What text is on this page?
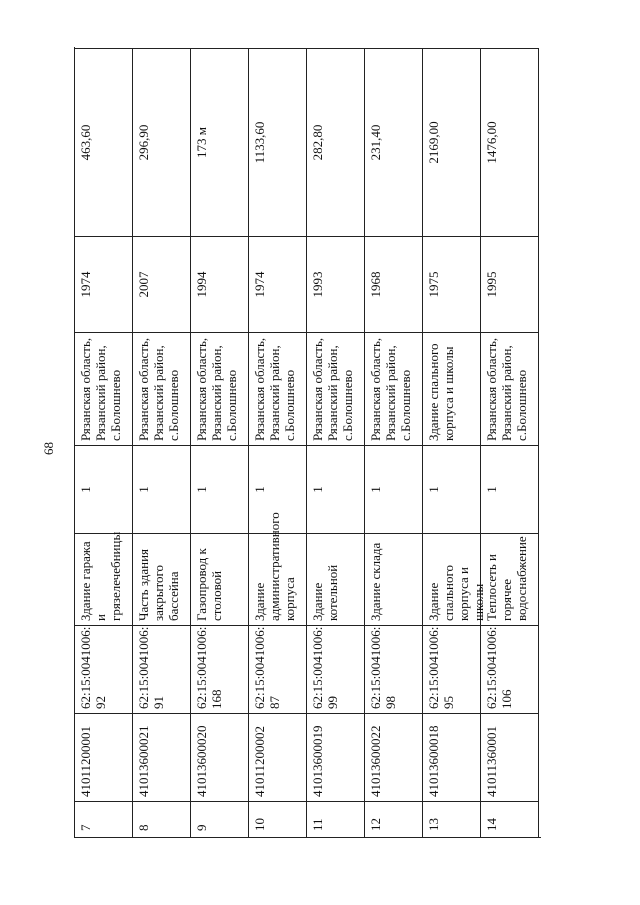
68
7
41011200001
62:15:0041006:
92
Здание гаража и грязелечебницы
1
Рязанская область, Рязанский район, с.Болошнево
1974
463,60
8
41013600021
62:15:0041006:
91
Часть здания закрытого бассейна
1
Рязанская область, Рязанский район, с.Болошнево
2007
296,90
9
41013600020
62:15:0041006:
168
Газопровод к столовой
1
Рязанская область, Рязанский район, с.Болошнево
1994
173 м
10
41011200002
62:15:0041006:
87
Здание административного корпуса
1
Рязанская область, Рязанский район, с.Болошнево
1974
1133,60
11
41013600019
62:15:0041006:
99
Здание котельной
1
Рязанская область, Рязанский район, с.Болошнево
1993
282,80
12
41013600022
62:15:0041006:
98
Здание склада
1
Рязанская область, Рязанский район, с.Болошнево
1968
231,40
13
41013600018
62:15:0041006:
95
Здание спального корпуса и школы
1
Здание спального корпуса и школы
1975
2169,00
14
41011360001
62:15:0041006:
106
Теплосеть и горячее водоснабжение
1
Рязанская область, Рязанский район, с.Болошнево
1995
1476,00
